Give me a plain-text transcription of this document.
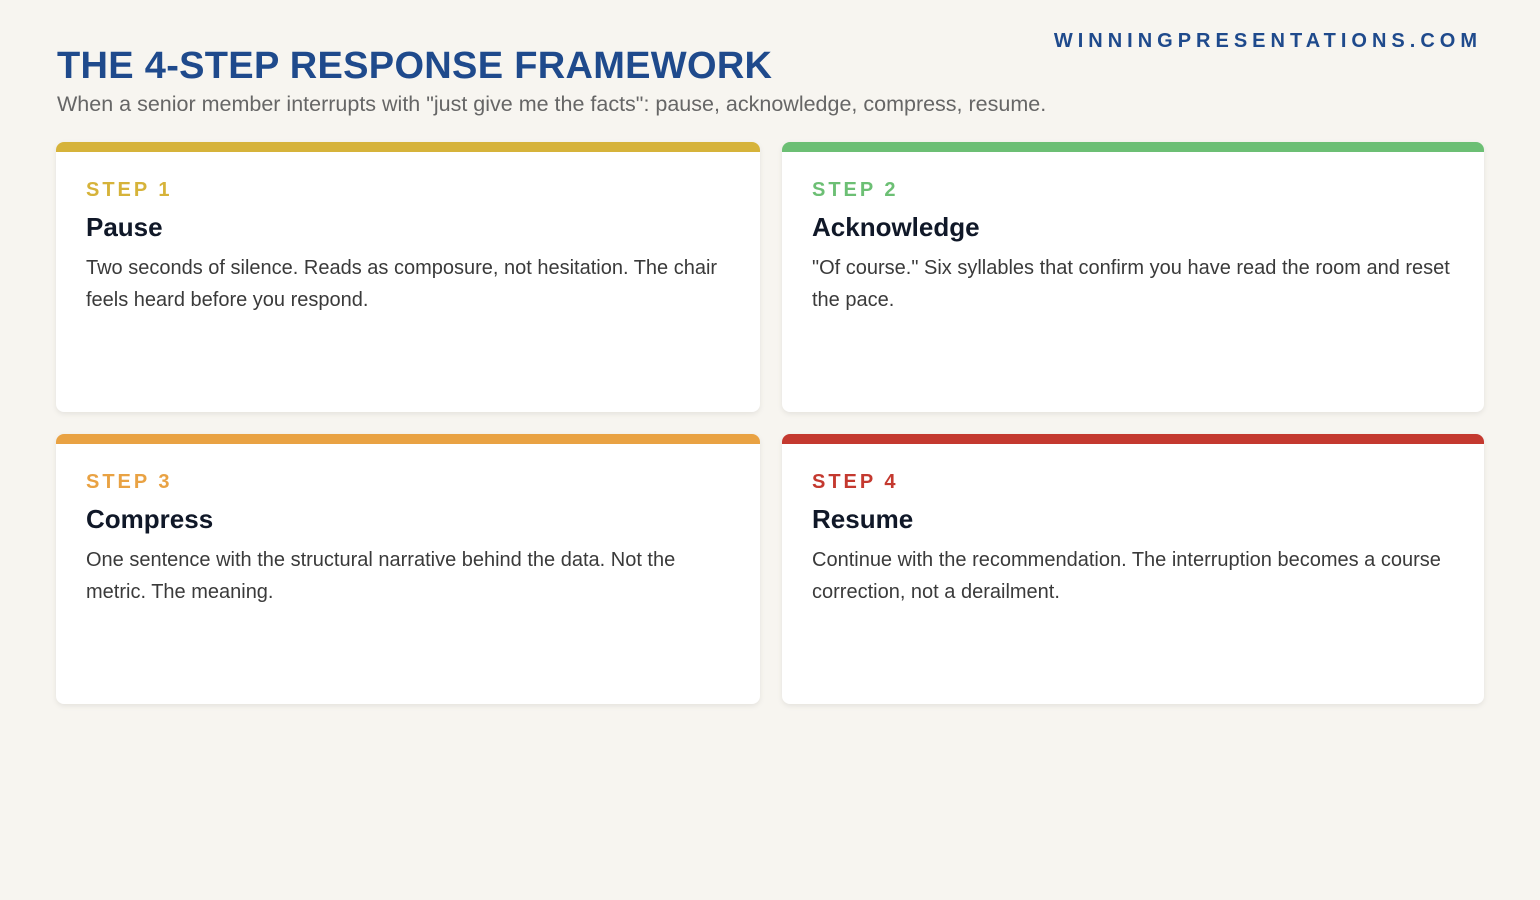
WINNINGPRESENTATIONS.COM
THE 4-STEP RESPONSE FRAMEWORK

When a senior member interrupts with "just give me the facts": pause, acknowledge, compress, resume.

STEP 1
Pause
Two seconds of silence. Reads as composure, not hesitation. The chair feels heard before you respond.
STEP 2
Acknowledge
"Of course." Six syllables that confirm you have read the room and reset the pace.
STEP 3
Compress
One sentence with the structural narrative behind the data. Not the metric. The meaning.
STEP 4
Resume
Continue with the recommendation. The interruption becomes a course correction, not a derailment.
